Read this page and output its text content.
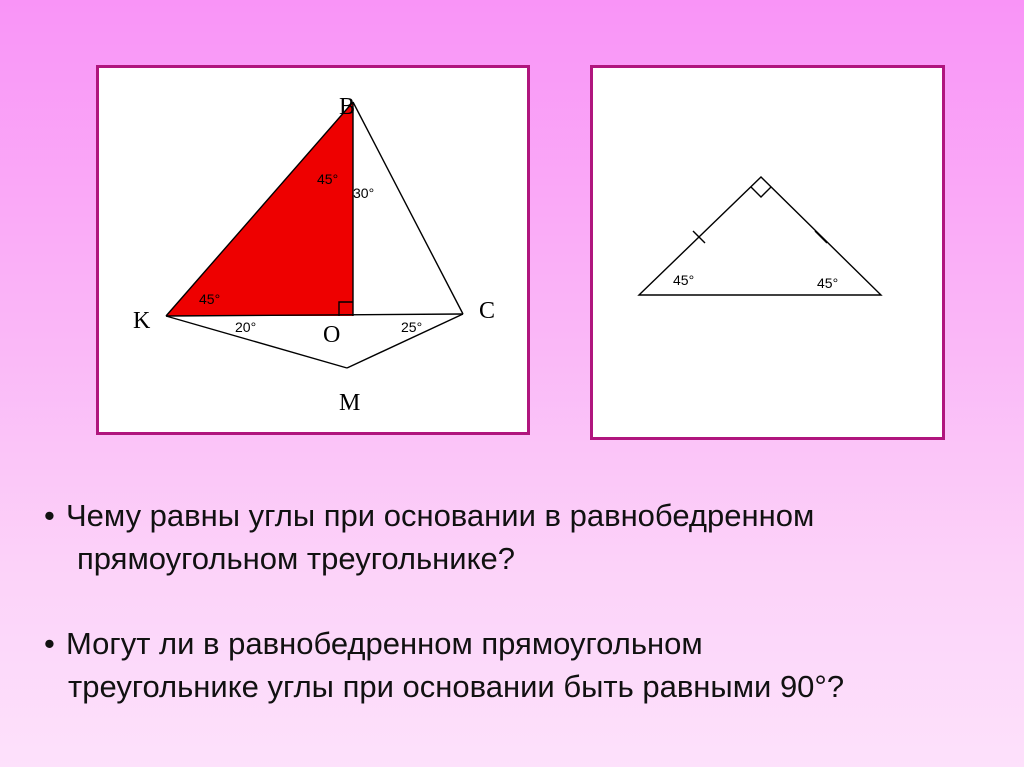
B
K
O
C
M
45°
30°
45°
20°	25°
45°	45°
• Чему равны углы при основании в равнобедренном
прямоугольном треугольнике?
• Могут ли в равнобедренном прямоугольном
треугольнике углы при основании быть равными 90°?
